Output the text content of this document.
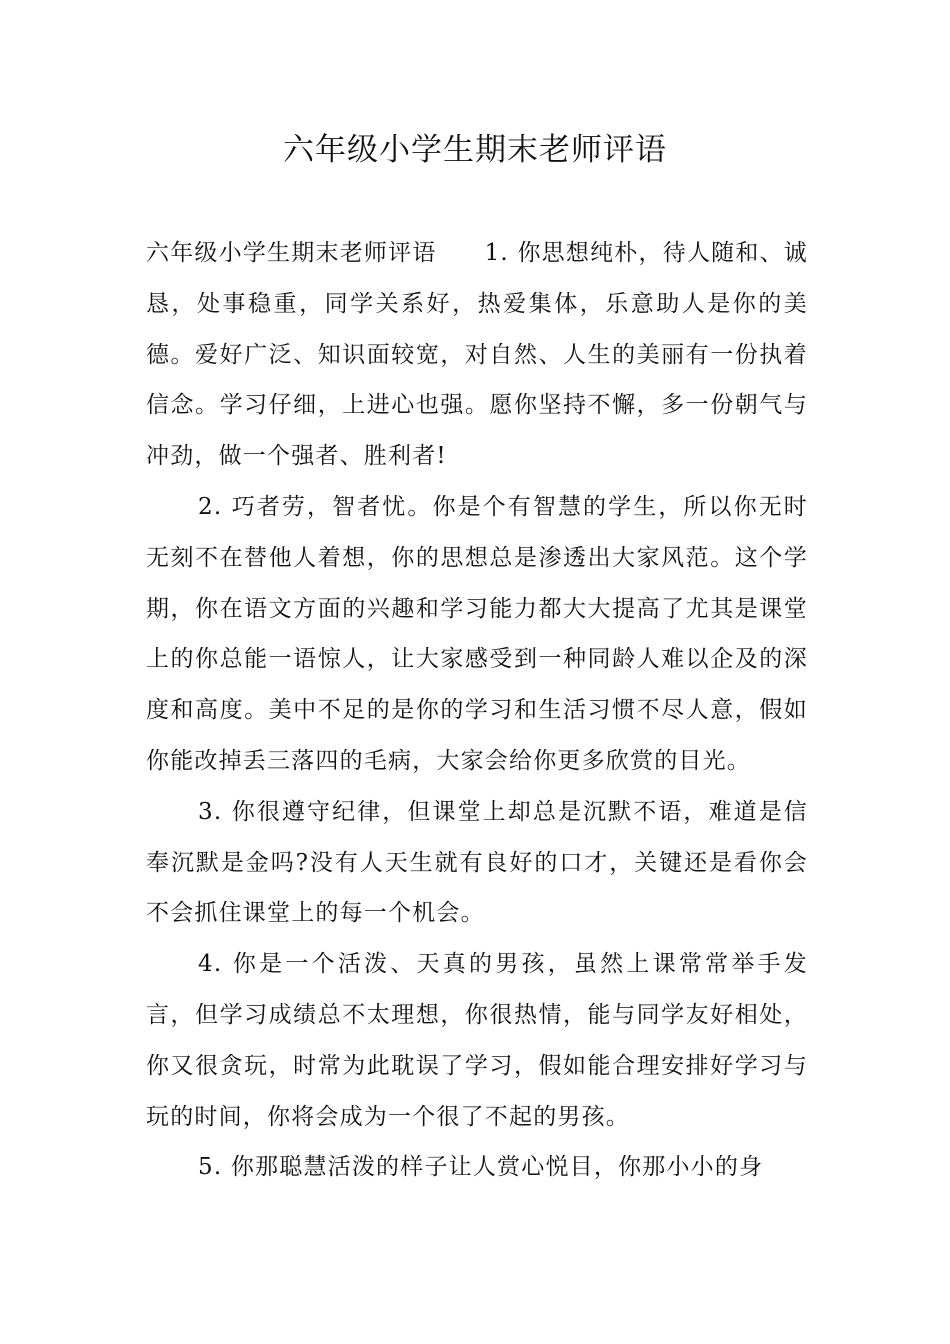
六年级小学生期末老师评语

六年级小学生期末老师评语 1. 你思想纯朴，待人随和、诚恳，处事稳重，同学关系好，热爱集体，乐意助人是你的美德。爱好广泛、知识面较宽，对自然、人生的美丽有一份执着信念。学习仔细，上进心也强。愿你坚持不懈，多一份朝气与冲劲，做一个强者、胜利者!

2. 巧者劳，智者忧。你是个有智慧的学生，所以你无时无刻不在替他人着想，你的思想总是渗透出大家风范。这个学期，你在语文方面的兴趣和学习能力都大大提高了尤其是课堂上的你总能一语惊人，让大家感受到一种同龄人难以企及的深度和高度。美中不足的是你的学习和生活习惯不尽人意，假如你能改掉丢三落四的毛病，大家会给你更多欣赏的目光。

3. 你很遵守纪律，但课堂上却总是沉默不语，难道是信奉沉默是金吗?没有人天生就有良好的口才，关键还是看你会不会抓住课堂上的每一个机会。

4. 你是一个活泼、天真的男孩，虽然上课常常举手发言，但学习成绩总不太理想，你很热情，能与同学友好相处，你又很贪玩，时常为此耽误了学习，假如能合理安排好学习与玩的时间，你将会成为一个很了不起的男孩。

5. 你那聪慧活泼的样子让人赏心悦目，你那小小的身
